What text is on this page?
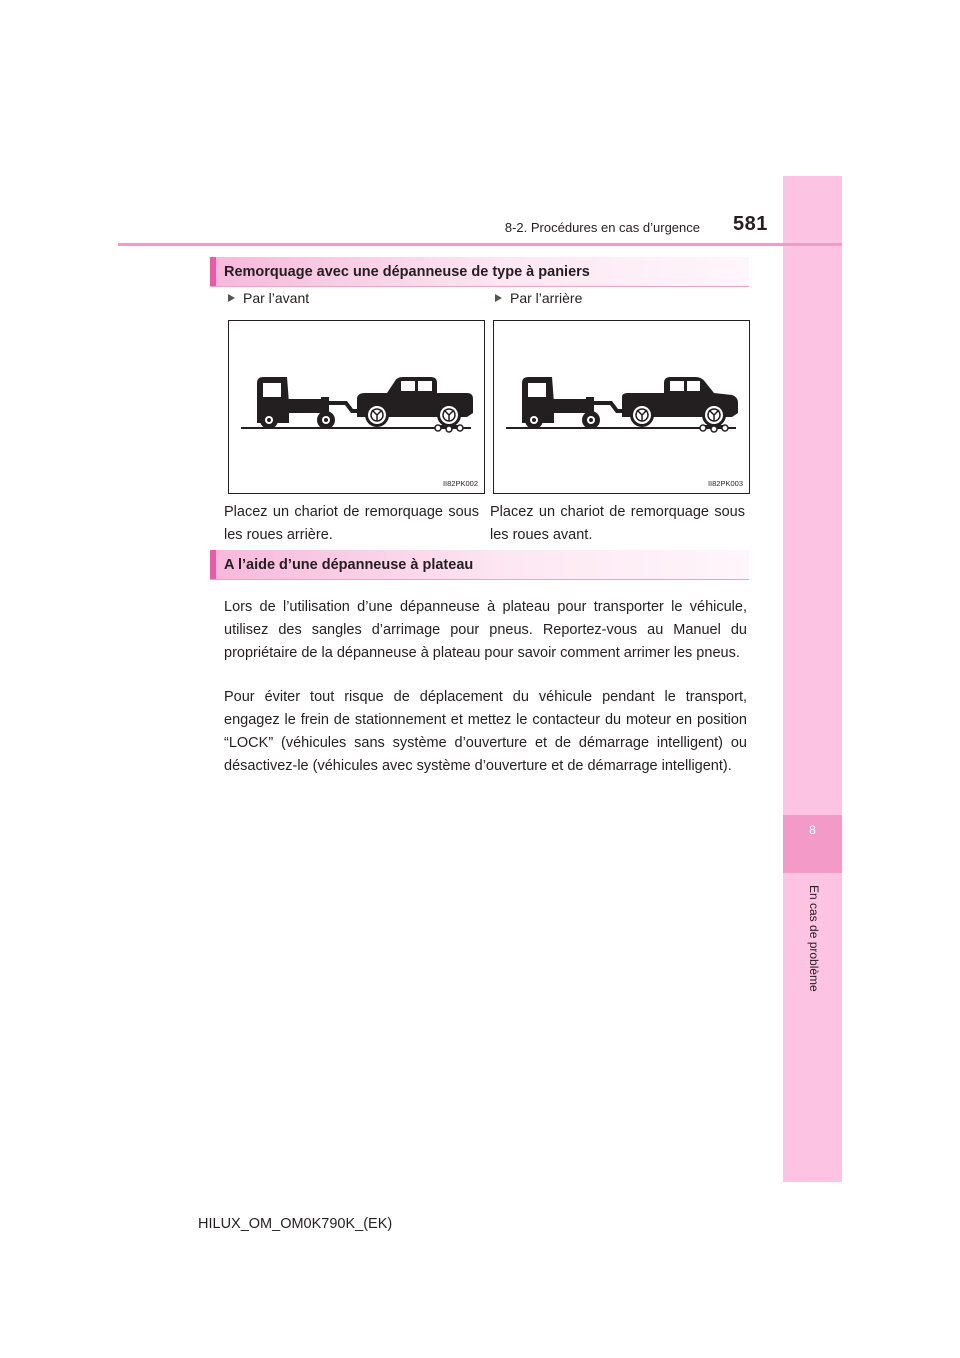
8
En cas de problème
8-2. Procédures en cas d’urgence 581
Remorquage avec une dépanneuse de type à paniers
Par l’avant	Par l’arrière
II82PK002	II82PK003
Placez un chariot de remorquage sous les roues arrière.
Placez un chariot de remorquage sous les roues avant.
A l’aide d’une dépanneuse à plateau
Lors de l’utilisation d’une dépanneuse à plateau pour transporter le véhicule, utilisez des sangles d’arrimage pour pneus. Reportez-vous au Manuel du propriétaire de la dépanneuse à plateau pour savoir comment arrimer les pneus.
Pour éviter tout risque de déplacement du véhicule pendant le transport, engagez le frein de stationnement et mettez le contacteur du moteur en position “LOCK” (véhicules sans système d’ouverture et de démarrage intelligent) ou désactivez-le (véhicules avec système d’ouverture et de démarrage intelligent).
HILUX_OM_OM0K790K_(EK)
